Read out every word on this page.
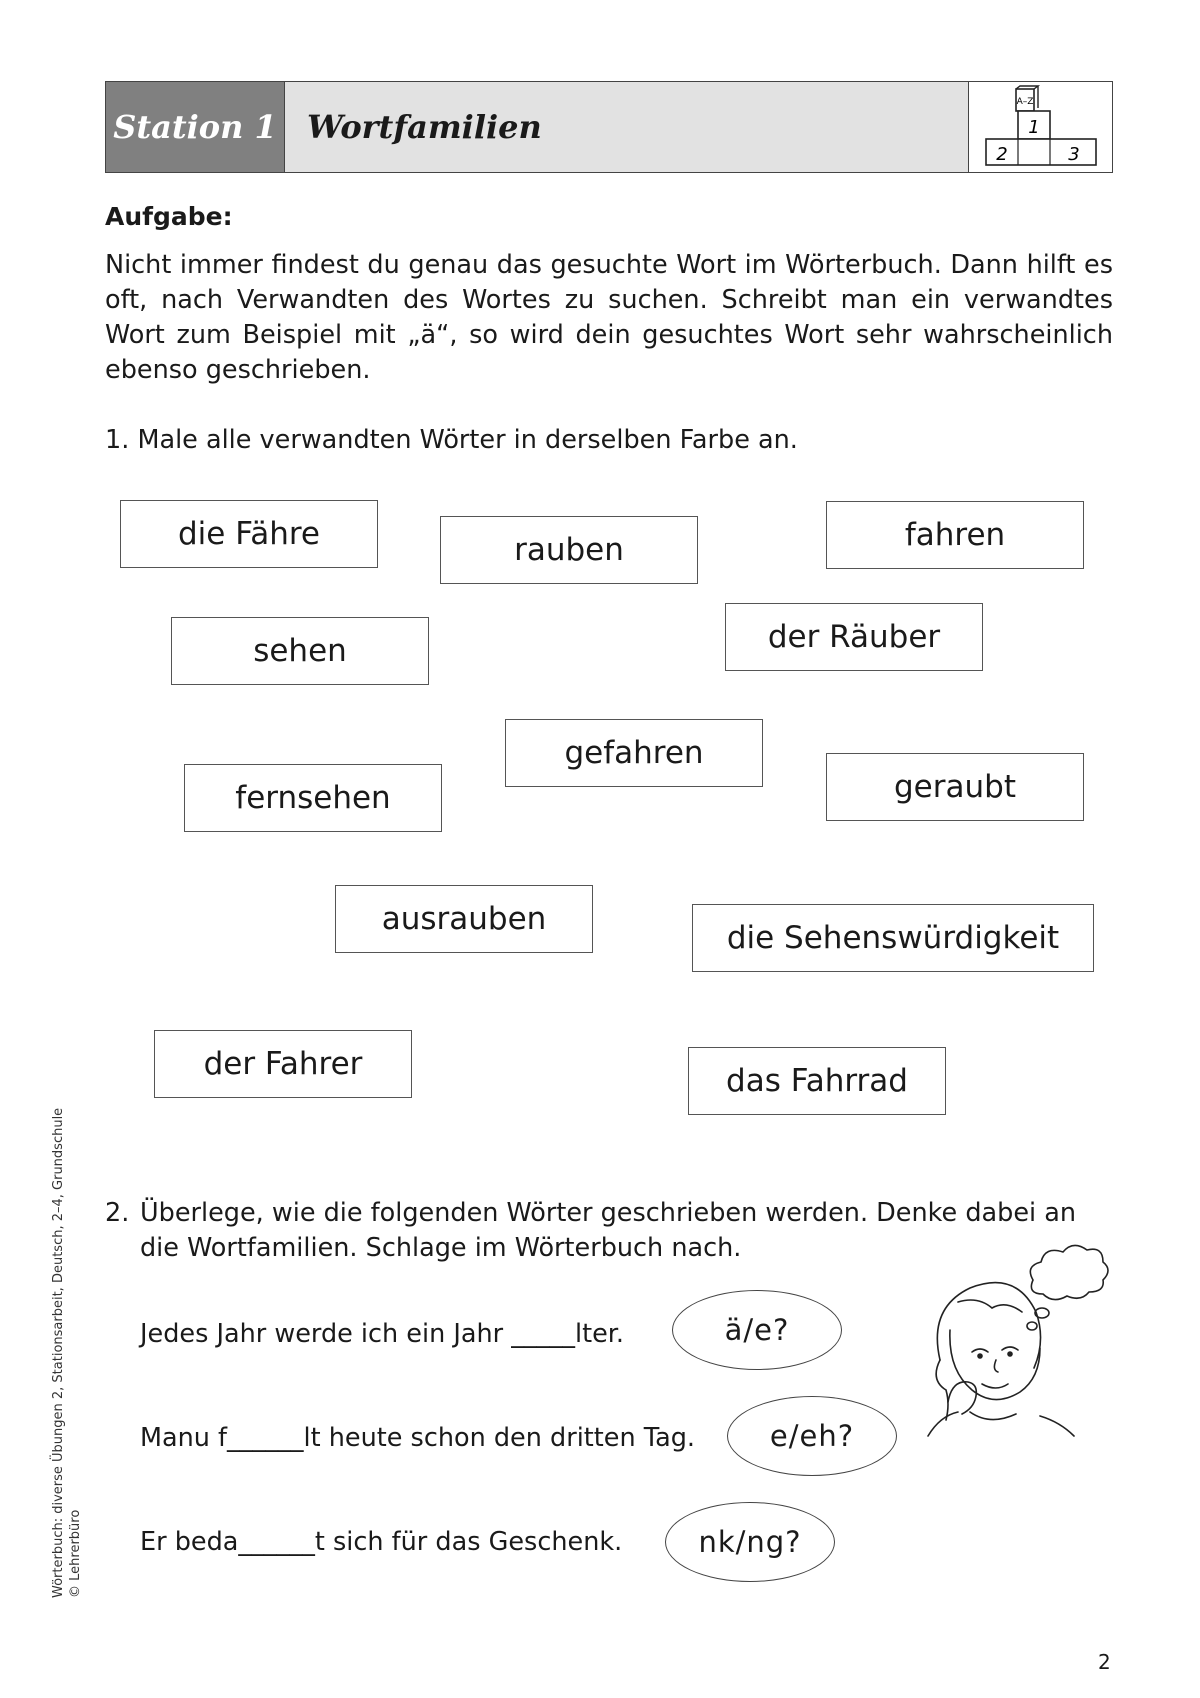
Station 1 Wortfamilien
A–Z
1
2	3
Aufgabe:

Nicht immer findest du genau das gesuchte Wort im Wörterbuch. Dann hilft es oft, nach Verwandten des Wortes zu suchen. Schreibt man ein verwandtes Wort zum Beispiel mit „ä“, so wird dein gesuchtes Wort sehr wahrscheinlich ebenso geschrieben.

1. Male alle verwandten Wörter in derselben Farbe an.
die Fähre	rauben	fahren
sehen	der Räuber
gefahren
fernsehen	geraubt
ausrauben
die Sehenswürdigkeit
der Fahrer	das Fahrrad
2. Überlege, wie die folgenden Wörter geschrieben werden. Denke dabei an die Wortfamilien. Schlage im Wörterbuch nach.
Jedes Jahr werde ich ein Jahr _____lter.	ä/e?
Manu f______lt heute schon den dritten Tag.	e/eh?
Er beda______t sich für das Geschenk.	nk/ng?
Wörterbuch: diverse Übungen 2, Stationsarbeit, Deutsch, 2–4, Grundschule © Lehrerbüro
2
